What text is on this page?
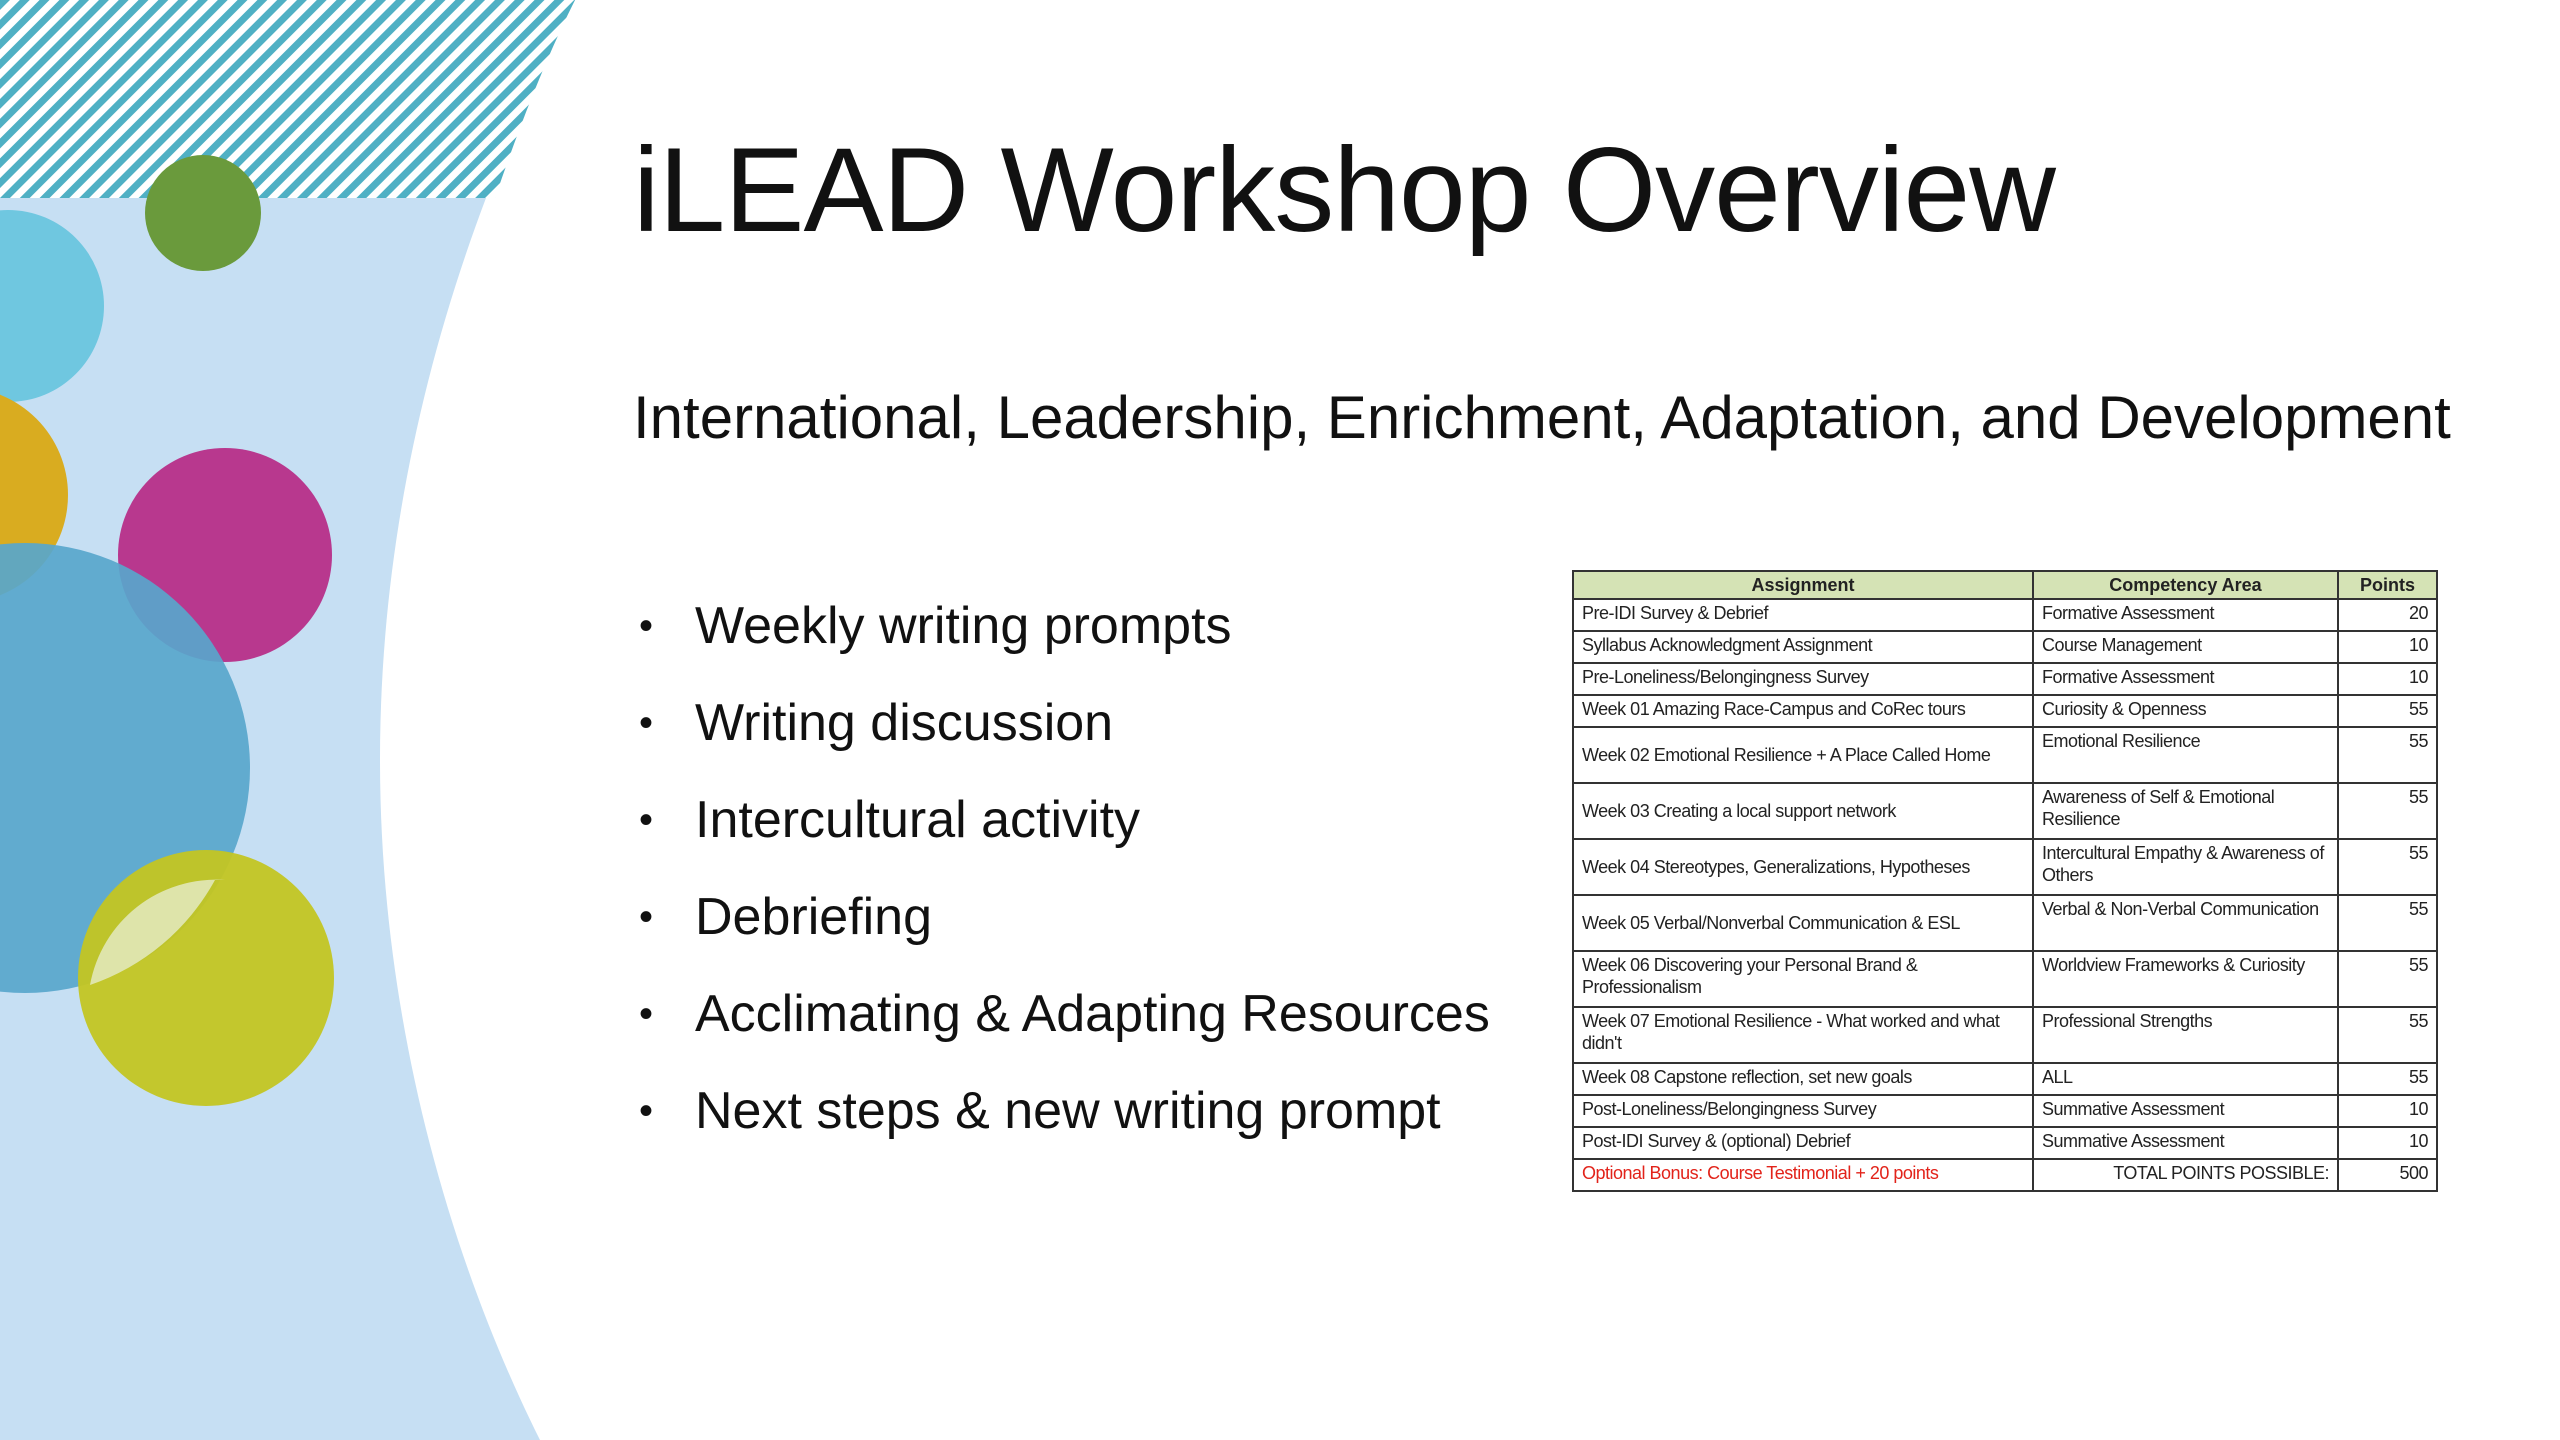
iLEAD Workshop Overview
International, Leadership, Enrichment, Adaptation, and Development
• Weekly writing prompts
• Writing discussion
• Intercultural activity
• Debriefing
• Acclimating & Adapting Resources
• Next steps & new writing prompt
Assignment	Competency Area	Points
Pre-IDI Survey & Debrief	Formative Assessment	20
Syllabus Acknowledgment Assignment	Course Management	10
Pre-Loneliness/Belongingness Survey	Formative Assessment	10
Week 01 Amazing Race-Campus and CoRec tours	Curiosity & Openness	55
Week 02 Emotional Resilience + A Place Called Home	Emotional Resilience	55
Week 03 Creating a local support network	Awareness of Self & Emotional Resilience	55
Week 04 Stereotypes, Generalizations, Hypotheses	Intercultural Empathy & Awareness of Others	55
Week 05 Verbal/Nonverbal Communication & ESL	Verbal & Non-Verbal Communication	55
Week 06 Discovering your Personal Brand & Professionalism	Worldview Frameworks & Curiosity	55
Week 07 Emotional Resilience - What worked and what didn't	Professional Strengths	55
Week 08 Capstone reflection, set new goals	ALL	55
Post-Loneliness/Belongingness Survey	Summative Assessment	10
Post-IDI Survey & (optional) Debrief	Summative Assessment	10
Optional Bonus: Course Testimonial + 20 points	TOTAL POINTS POSSIBLE:	500
